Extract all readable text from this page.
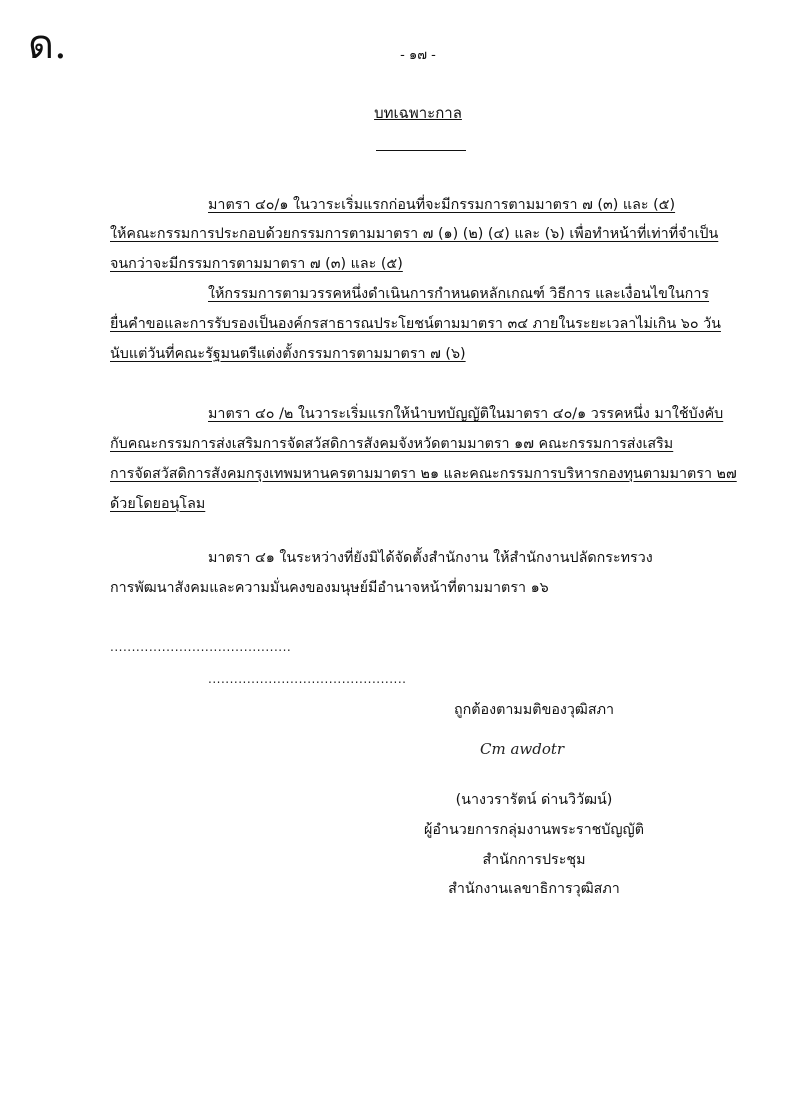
ด.	- ๑๗ -
บทเฉพาะกาล
มาตรา ๔๐/๑ ในวาระเริ่มแรกก่อนที่จะมีกรรมการตามมาตรา ๗ (๓) และ (๕)
ให้คณะกรรมการประกอบด้วยกรรมการตามมาตรา ๗ (๑) (๒) (๔) และ (๖) เพื่อทำหน้าที่เท่าที่จำเป็น
จนกว่าจะมีกรรมการตามมาตรา ๗ (๓) และ (๕)
ให้กรรมการตามวรรคหนึ่งดำเนินการกำหนดหลักเกณฑ์ วิธีการ และเงื่อนไขในการ
ยื่นคำขอและการรับรองเป็นองค์กรสาธารณประโยชน์ตามมาตรา ๓๔ ภายในระยะเวลาไม่เกิน ๖๐ วัน
นับแต่วันที่คณะรัฐมนตรีแต่งตั้งกรรมการตามมาตรา ๗ (๖)
มาตรา ๔๐ /๒ ในวาระเริ่มแรกให้นำบทบัญญัติในมาตรา ๔๐/๑ วรรคหนึ่ง มาใช้บังคับ
กับคณะกรรมการส่งเสริมการจัดสวัสดิการสังคมจังหวัดตามมาตรา ๑๗ คณะกรรมการส่งเสริม
การจัดสวัสดิการสังคมกรุงเทพมหานครตามมาตรา ๒๑ และคณะกรรมการบริหารกองทุนตามมาตรา ๒๗
ด้วยโดยอนุโลม
มาตรา ๔๑ ในระหว่างที่ยังมิได้จัดตั้งสำนักงาน ให้สำนักงานปลัดกระทรวง
การพัฒนาสังคมและความมั่นคงของมนุษย์มีอำนาจหน้าที่ตามมาตรา ๑๖
..........................................
..............................................
ถูกต้องตามมติของวุฒิสภา
Cm awdotr
(นางวรารัตน์ ด่านวิวัฒน์)
ผู้อำนวยการกลุ่มงานพระราชบัญญัติ
สำนักการประชุม
สำนักงานเลขาธิการวุฒิสภา
